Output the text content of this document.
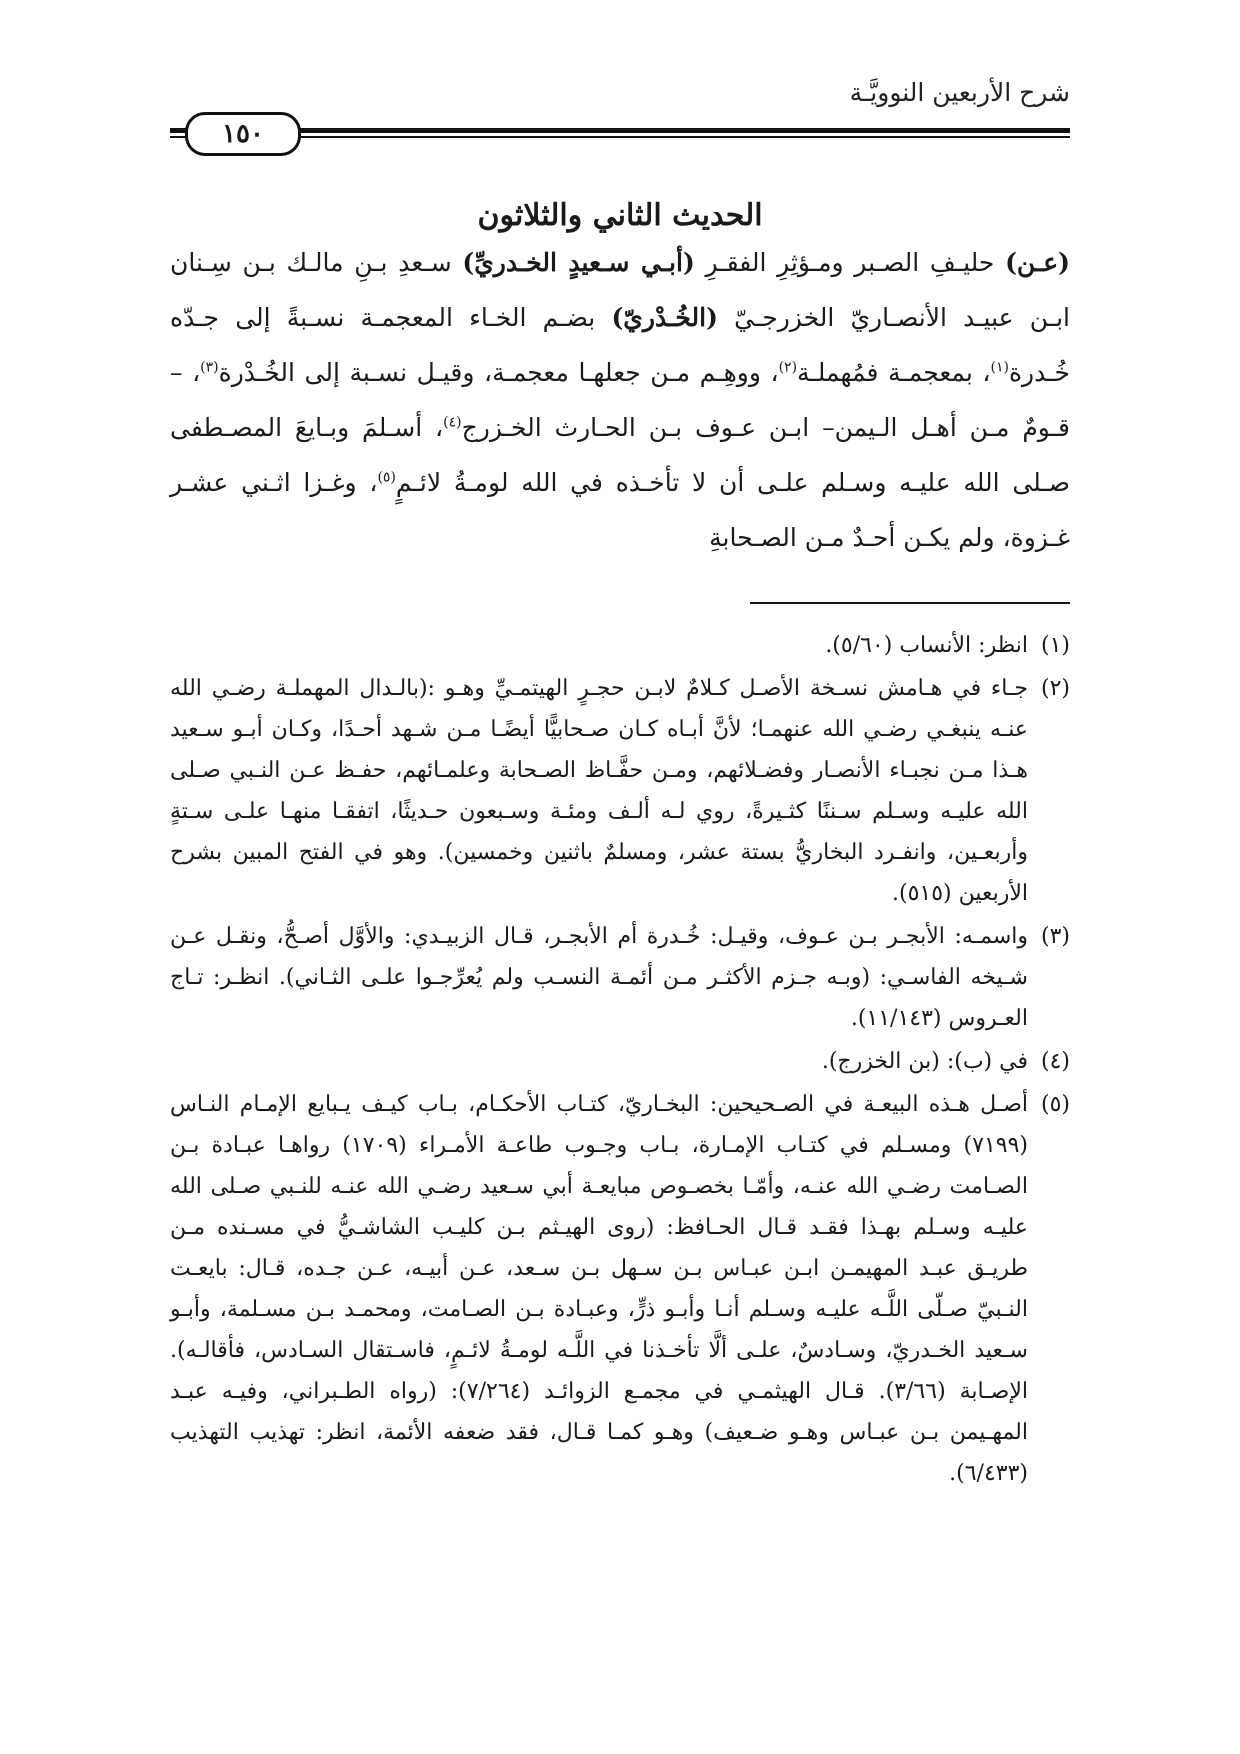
شرح الأربعين النوويَّـة
١٥٠
الحديث الثاني والثلاثون
(عـن) حليـفِ الصـبر ومـؤثِرِ الفقـرِ (أبـي سـعيدٍ الخـدريِّ) سـعدِ بـنِ مالـك بـن سِـنان ابـن عبيـد الأنصـاريّ الخزرجـيّ (الخُـدْريّ) بضـم الخـاء المعجمـة نسـبةً إلى جـدّه خُـدرة$^{(١)}$، بمعجمـة فمُهملـة$^{(٢)}$، ووهِـم مـن جعلهـا معجمـة، وقيـل نسـبة إلى الخُـدْرة$^{(٣)}$، – قـومٌ مـن أهـل الـيمن– ابـن عـوف بـن الحـارث الخـزرج$^{(٤)}$، أسـلمَ وبـايعَ المصـطفى صـلى الله عليـه وسـلم علـى أن لا تأخـذه في الله لومـةُ لائـمٍ$^{(٥)}$، وغـزا اثـني عشـر غـزوة، ولم يكـن أحـدٌ مـن الصـحابةِ
(١)
انظر: الأنساب (٥/٦٠).
(٢)
جـاء في هـامش نسـخة الأصـل كـلامٌ لابـن حجـرٍ الهيتمـيِّ وهـو :(بالـدال المهملـة رضـي الله عنـه ينبغـي رضـي الله عنهمـا؛ لأنَّ أبـاه كـان صـحابيًّا أيضًـا مـن شـهد أحـدًا، وكـان أبـو سـعيد هـذا مـن نجبـاء الأنصـار وفضـلائهم، ومـن حفَّـاظ الصـحابة وعلمـائهم، حفـظ عـن النـبي صـلى الله عليـه وسـلم سـننًا كثـيرةً، روي لـه ألـف ومئـة وسـبعون حـديثًا، اتفقـا منهـا علـى سـتةٍ وأربعـين، وانفـرد البخاريُّ بستة عشر، ومسلمٌ باثنين وخمسين). وهو في الفتح المبين بشرح الأربعين (٥١٥).
(٣)
واسمـه: الأبجـر بـن عـوف، وقيـل: خُـدرة أم الأبجـر، قـال الزبيـدي: والأوَّل أصـحُّ، ونقـل عـن شـيخه الفاسـي: (وبـه جـزم الأكثـر مـن أئمـة النسـب ولم يُعرِّجـوا علـى الثـاني). انظـر: تـاج العـروس (١١/١٤٣).
(٤)
في (ب): (بن الخزرج).
(٥)
أصـل هـذه البيعـة في الصـحيحين: البخـاريّ، كتـاب الأحكـام، بـاب كيـف يـبايع الإمـام النـاس (٧١٩٩) ومسـلم في كتـاب الإمـارة، بـاب وجـوب طاعـة الأمـراء (١٧٠٩) رواهـا عبـادة بـن الصـامت رضـي الله عنـه، وأمّـا بخصـوص مبايعـة أبي سـعيد رضـي الله عنـه للنـبي صـلى الله عليـه وسـلم بهـذا فقـد قـال الحـافظ: (روى الهيـثم بـن كليـب الشاشـيُّ في مسـنده مـن طريـق عبـد المهيمـن ابـن عبـاس بـن سـهل بـن سـعد، عـن أبيـه، عـن جـده، قـال: بايعـت النـبيّ صـلّى اللَّـه عليـه وسـلم أنـا وأبـو ذرٍّ، وعبـادة بـن الصـامت، ومحمـد بـن مسـلمة، وأبـو سـعيد الخـدريّ، وسـادسٌ، علـى ألَّا تأخـذنا في اللَّـه لومـةُ لائـمٍ، فاسـتقال السـادس، فأقالـه). الإصـابة (٣/٦٦). قـال الهيثمـي في مجمـع الزوائـد (٧/٢٦٤): (رواه الطـبراني، وفيـه عبـد المهـيمن بـن عبـاس وهـو ضـعيف) وهـو كمـا قـال، فقد ضعفه الأئمة، انظر: تهذيب التهذيب (٦/٤٣٣).
